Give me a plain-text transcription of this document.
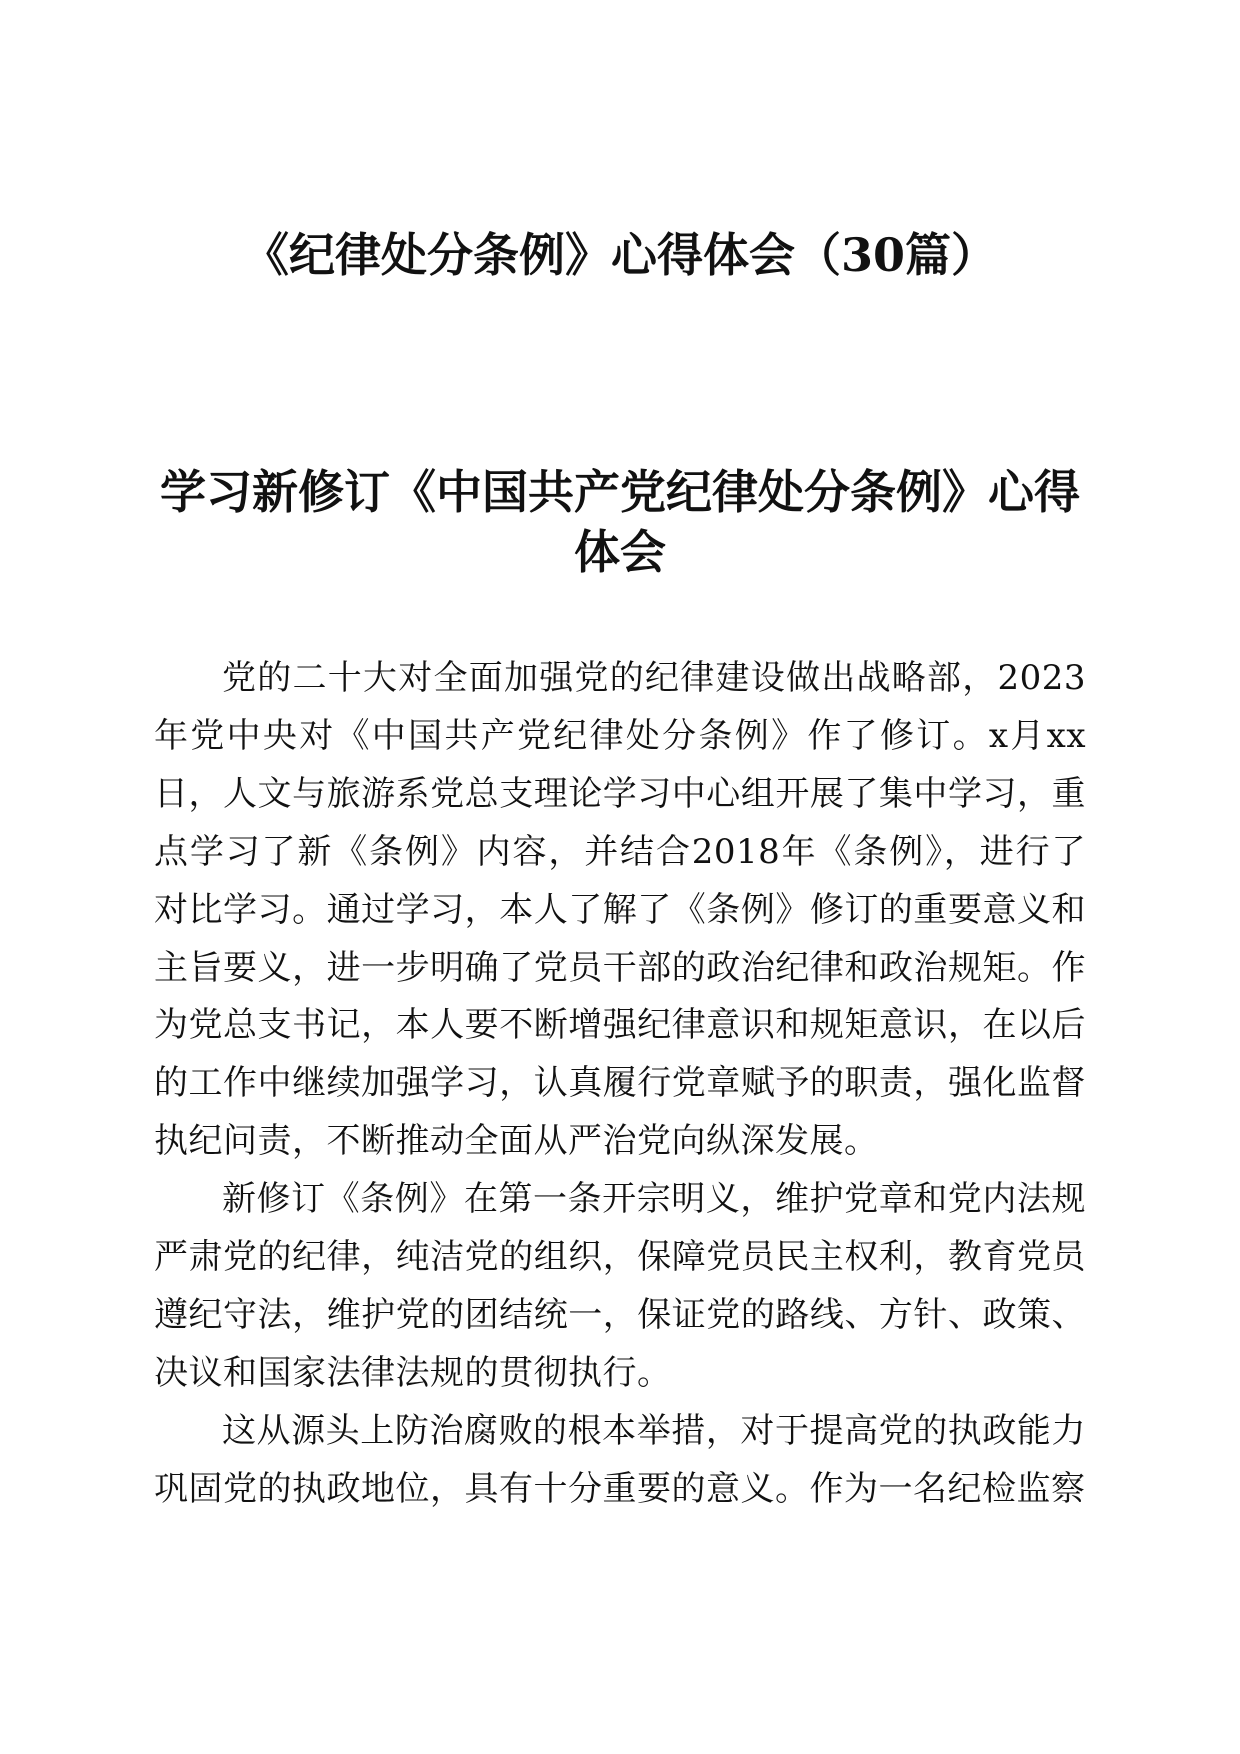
《纪律处分条例》心得体会（30篇）
学习新修订《中国共产党纪律处分条例》心得体会

党的二十大对全面加强党的纪律建设做出战略部，2023年党中央对《中国共产党纪律处分条例》作了修订。x月xx日，人文与旅游系党总支理论学习中心组开展了集中学习，重点学习了新《条例》内容，并结合2018年《条例》，进行了对比学习。通过学习，本人了解了《条例》修订的重要意义和主旨要义，进一步明确了党员干部的政治纪律和政治规矩。作为党总支书记，本人要不断增强纪律意识和规矩意识，在以后的工作中继续加强学习，认真履行党章赋予的职责，强化监督执纪问责，不断推动全面从严治党向纵深发展。

新修订《条例》在第一条开宗明义，维护党章和党内法规严肃党的纪律，纯洁党的组织，保障党员民主权利，教育党员遵纪守法，维护党的团结统一，保证党的路线、方针、政策、决议和国家法律法规的贯彻执行。

这从源头上防治腐败的根本举措，对于提高党的执政能力巩固党的执政地位，具有十分重要的意义。作为一名纪检监察
